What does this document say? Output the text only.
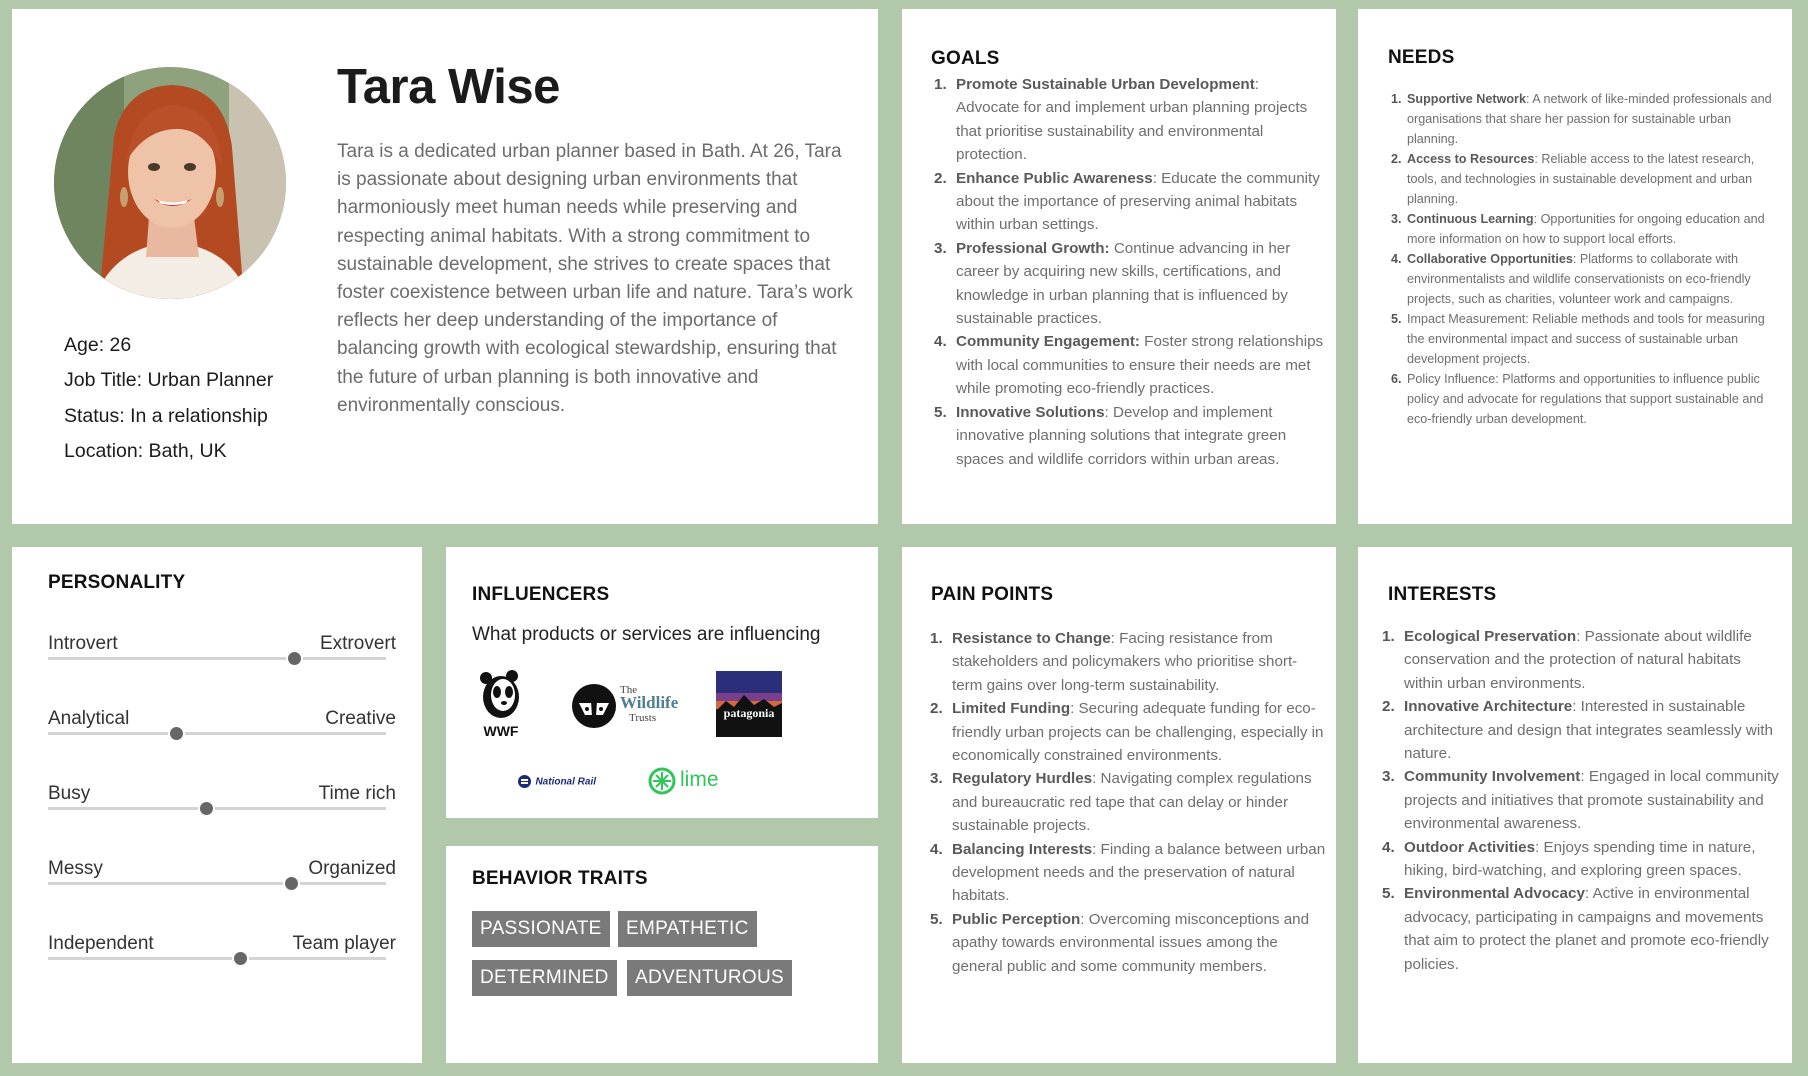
Tara Wise
Tara is a dedicated urban planner based in Bath. At 26, Tara is passionate about designing urban environments that harmoniously meet human needs while preserving and respecting animal habitats. With a strong commitment to sustainable development, she strives to create spaces that foster coexistence between urban life and nature. Tara’s work reflects her deep understanding of the importance of balancing growth with ecological stewardship, ensuring that the future of urban planning is both innovative and environmentally conscious.
Age: 26
Job Title: Urban Planner
Status: In a relationship
Location: Bath, UK
GOALS
1. Promote Sustainable Urban Development: Advocate for and implement urban planning projects that prioritise sustainability and environmental protection.
2. Enhance Public Awareness: Educate the community about the importance of preserving animal habitats within urban settings.
3. Professional Growth: Continue advancing in her career by acquiring new skills, certifications, and knowledge in urban planning that is influenced by sustainable practices.
4. Community Engagement: Foster strong relationships with local communities to ensure their needs are met while promoting eco-friendly practices.
5. Innovative Solutions: Develop and implement innovative planning solutions that integrate green spaces and wildlife corridors within urban areas.
NEEDS
1. Supportive Network: A network of like-minded professionals and organisations that share her passion for sustainable urban planning.
2. Access to Resources: Reliable access to the latest research, tools, and technologies in sustainable development and urban planning.
3. Continuous Learning: Opportunities for ongoing education and more information on how to support local efforts.
4. Collaborative Opportunities: Platforms to collaborate with environmentalists and wildlife conservationists on eco-friendly projects, such as charities, volunteer work and campaigns.
5. Impact Measurement: Reliable methods and tools for measuring the environmental impact and success of sustainable urban development projects.
6. Policy Influence: Platforms and opportunities to influence public policy and advocate for regulations that support sustainable and eco-friendly urban development.
PERSONALITY
Introvert	Extrovert
Analytical	Creative
Busy	Time rich
Messy	Organized
Independent	Team player
INFLUENCERS
What products or services are influencing
WWF
The
Wildlife
Trusts	patagonia
National Rail	lime
BEHAVIOR TRAITS
PASSIONATE	EMPATHETIC
DETERMINED	ADVENTUROUS
PAIN POINTS
1. Resistance to Change: Facing resistance from stakeholders and policymakers who prioritise short-term gains over long-term sustainability.
2. Limited Funding: Securing adequate funding for eco-friendly urban projects can be challenging, especially in economically constrained environments.
3. Regulatory Hurdles: Navigating complex regulations and bureaucratic red tape that can delay or hinder sustainable projects.
4. Balancing Interests: Finding a balance between urban development needs and the preservation of natural habitats.
5. Public Perception: Overcoming misconceptions and apathy towards environmental issues among the general public and some community members.
INTERESTS
1. Ecological Preservation: Passionate about wildlife conservation and the protection of natural habitats within urban environments.
2. Innovative Architecture: Interested in sustainable architecture and design that integrates seamlessly with nature.
3. Community Involvement: Engaged in local community projects and initiatives that promote sustainability and environmental awareness.
4. Outdoor Activities: Enjoys spending time in nature, hiking, bird-watching, and exploring green spaces.
5. Environmental Advocacy: Active in environmental advocacy, participating in campaigns and movements that aim to protect the planet and promote eco-friendly policies.
